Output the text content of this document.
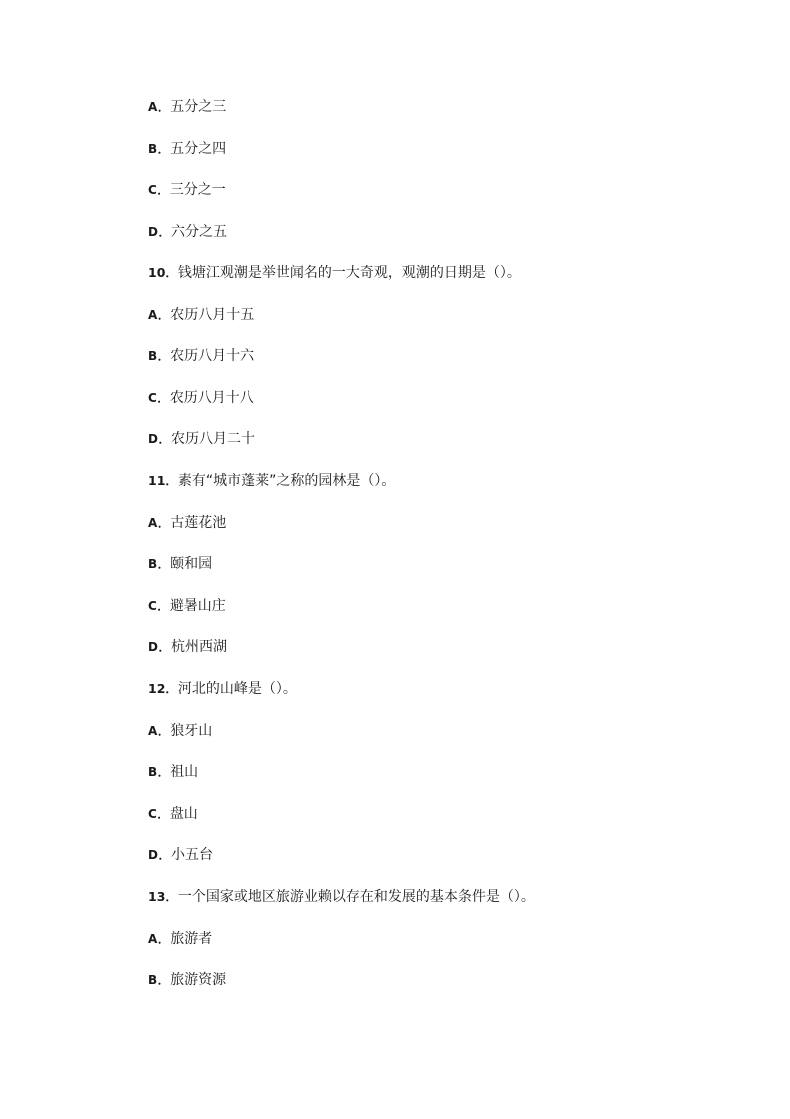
A．五分之三
B．五分之四
C．三分之一
D．六分之五
10．钱塘江观潮是举世闻名的一大奇观，观潮的日期是（）。
A．农历八月十五
B．农历八月十六
C．农历八月十八
D．农历八月二十
11．素有“城市蓬莱”之称的园林是（）。
A．古莲花池
B．颐和园
C．避暑山庄
D．杭州西湖
12．河北的山峰是（）。
A．狼牙山
B．祖山
C．盘山
D．小五台
13．一个国家或地区旅游业赖以存在和发展的基本条件是（）。
A．旅游者
B．旅游资源
